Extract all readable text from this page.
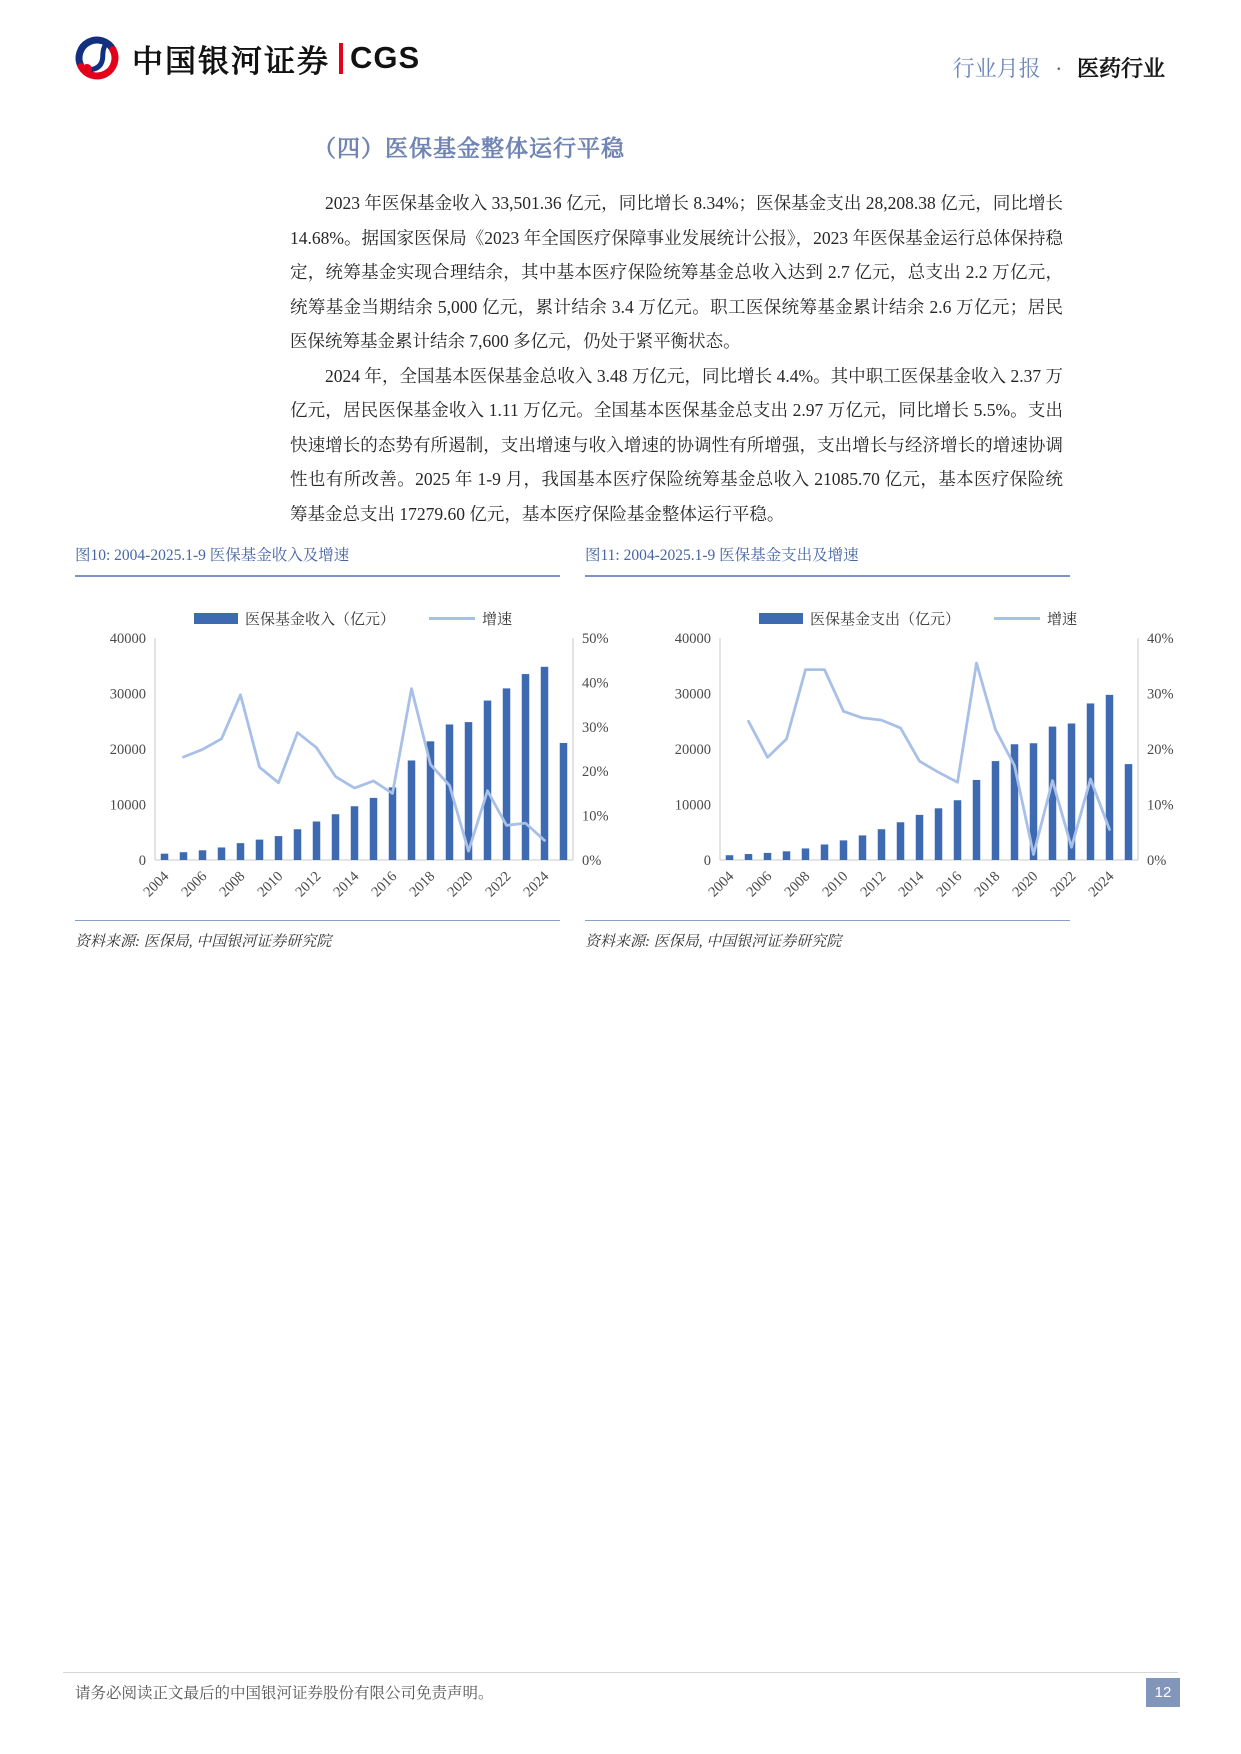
中国银河证券 CGS	行业月报 · 医药行业
（四）医保基金整体运行平稳

2023 年医保基金收入 33,501.36 亿元，同比增长 8.34%；医保基金支出 28,208.38 亿元，同比增长 14.68%。据国家医保局《2023 年全国医疗保障事业发展统计公报》，2023 年医保基金运行总体保持稳定，统筹基金实现合理结余，其中基本医疗保险统筹基金总收入达到 2.7 亿元，总支出 2.2 万亿元，统筹基金当期结余 5,000 亿元，累计结余 3.4 万亿元。职工医保统筹基金累计结余 2.6 万亿元；居民医保统筹基金累计结余 7,600 多亿元，仍处于紧平衡状态。

2024 年，全国基本医保基金总收入 3.48 万亿元，同比增长 4.4%。其中职工医保基金收入 2.37 万亿元，居民医保基金收入 1.11 万亿元。全国基本医保基金总支出 2.97 万亿元，同比增长 5.5%。支出快速增长的态势有所遏制，支出增速与收入增速的协调性有所增强，支出增长与经济增长的增速协调性也有所改善。2025 年 1-9 月，我国基本医疗保险统筹基金总收入 21085.70 亿元，基本医疗保险统筹基金总支出 17279.60 亿元，基本医疗保险基金整体运行平稳。

图10: 2004-2025.1-9 医保基金收入及增速
医保基金收入（亿元）	增速
0
10000
20000
30000
40000
0%
10%
20%
30%
40%
50%
2004 2006 2008 2010 2012 2014 2016 2018 2020 2022 2024
资料来源: 医保局, 中国银河证券研究院
图11: 2004-2025.1-9 医保基金支出及增速
医保基金支出（亿元）	增速
0
10000
20000
30000
40000
0%
10%
20%
30%
40%
2004 2006 2008 2010 2012 2014 2016 2018 2020 2022 2024
资料来源: 医保局, 中国银河证券研究院
请务必阅读正文最后的中国银河证券股份有限公司免责声明。	12
